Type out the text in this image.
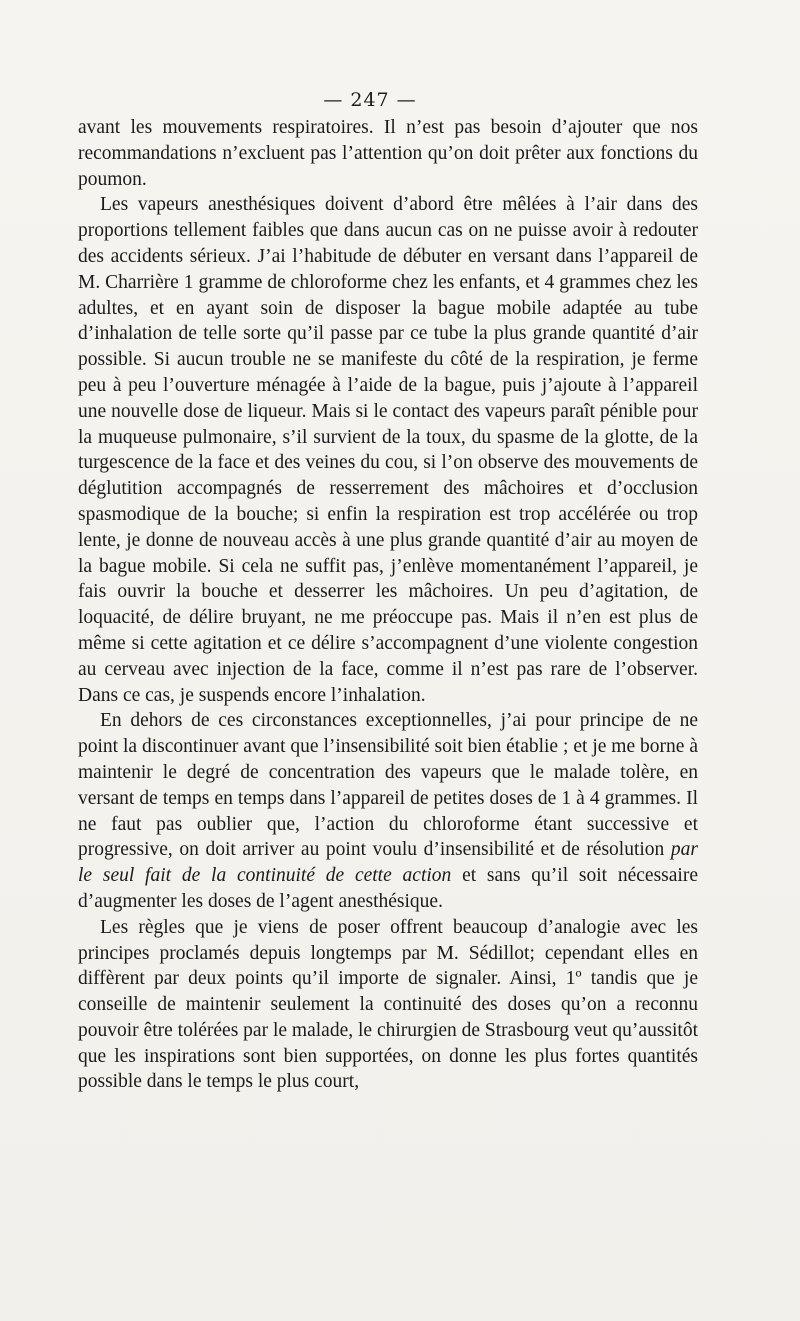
— 247 —

avant les mouvements respiratoires. Il n’est pas besoin d’ajouter que nos recommandations n’excluent pas l’attention qu’on doit prêter aux fonctions du poumon.

Les vapeurs anesthésiques doivent d’abord être mêlées à l’air dans des proportions tellement faibles que dans aucun cas on ne puisse avoir à redouter des accidents sérieux. J’ai l’habitude de débuter en versant dans l’appareil de M. Charrière 1 gramme de chloroforme chez les enfants, et 4 grammes chez les adultes, et en ayant soin de disposer la bague mobile adaptée au tube d’inhalation de telle sorte qu’il passe par ce tube la plus grande quantité d’air possible. Si aucun trouble ne se manifeste du côté de la respiration, je ferme peu à peu l’ouverture ménagée à l’aide de la bague, puis j’ajoute à l’appareil une nouvelle dose de liqueur. Mais si le contact des vapeurs paraît pénible pour la muqueuse pulmonaire, s’il survient de la toux, du spasme de la glotte, de la turgescence de la face et des veines du cou, si l’on observe des mouvements de déglutition accompagnés de resserrement des mâchoires et d’occlusion spasmodique de la bouche; si enfin la respiration est trop accélérée ou trop lente, je donne de nouveau accès à une plus grande quantité d’air au moyen de la bague mobile. Si cela ne suffit pas, j’enlève momentanément l’appareil, je fais ouvrir la bouche et desserrer les mâchoires. Un peu d’agitation, de loquacité, de délire bruyant, ne me préoccupe pas. Mais il n’en est plus de même si cette agitation et ce délire s’accompagnent d’une violente congestion au cerveau avec injection de la face, comme il n’est pas rare de l’observer. Dans ce cas, je suspends encore l’inhalation.

En dehors de ces circonstances exceptionnelles, j’ai pour principe de ne point la discontinuer avant que l’insensibilité soit bien établie ; et je me borne à maintenir le degré de concentration des vapeurs que le malade tolère, en versant de temps en temps dans l’appareil de petites doses de 1 à 4 grammes. Il ne faut pas oublier que, l’action du chloroforme étant successive et progressive, on doit arriver au point voulu d’insensibilité et de résolution par le seul fait de la continuité de cette action et sans qu’il soit nécessaire d’augmenter les doses de l’agent anesthésique.

Les règles que je viens de poser offrent beaucoup d’analogie avec les principes proclamés depuis longtemps par M. Sédillot; cependant elles en diffèrent par deux points qu’il importe de signaler. Ainsi, 1º tandis que je conseille de maintenir seulement la continuité des doses qu’on a reconnu pouvoir être tolérées par le malade, le chirurgien de Strasbourg veut qu’aussitôt que les inspirations sont bien supportées, on donne les plus fortes quantités possible dans le temps le plus court,
